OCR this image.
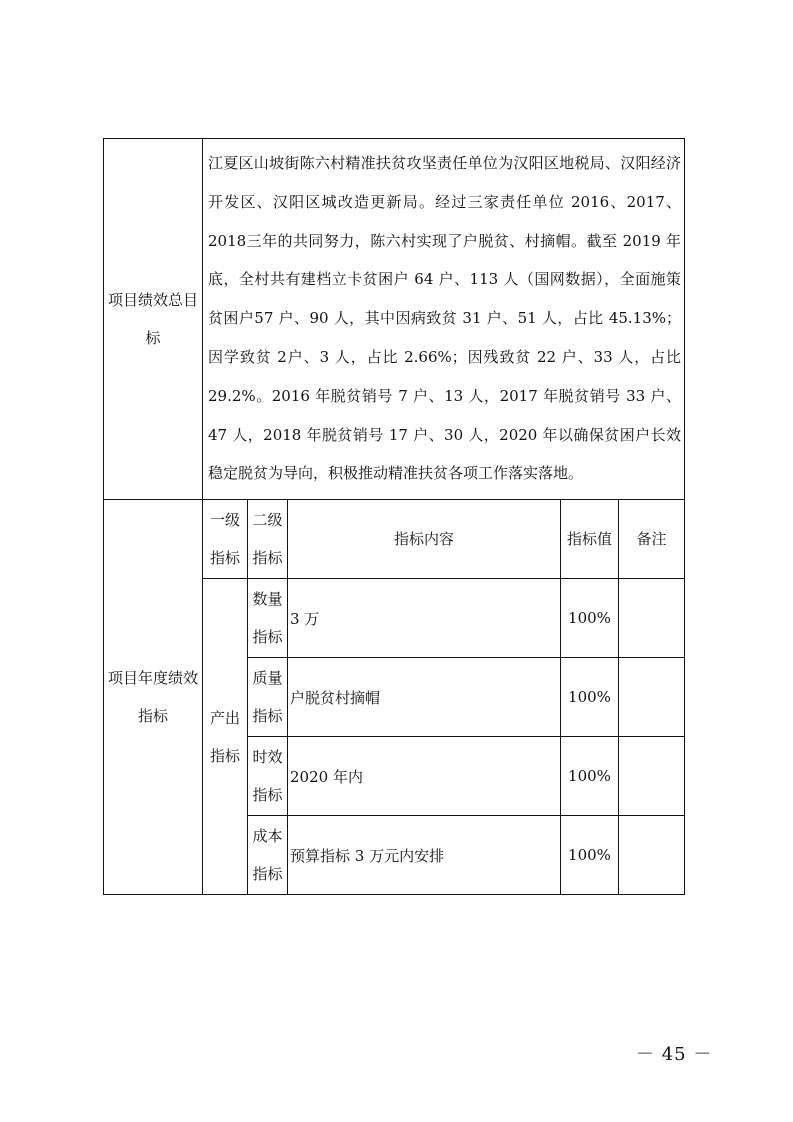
项目绩效总目标	江夏区山坡街陈六村精准扶贫攻坚责任单位为汉阳区地税局、汉阳经济开发区、汉阳区城改造更新局。经过三家责任单位 2016、2017、2018三年的共同努力，陈六村实现了户脱贫、村摘帽。截至 2019 年底，全村共有建档立卡贫困户 64 户、113 人（国网数据），全面施策贫困户57 户、90 人，其中因病致贫 31 户、51 人，占比 45.13%；因学致贫 2户、3 人，占比 2.66%；因残致贫 22 户、33 人，占比 29.2%。2016 年脱贫销号 7 户、13 人，2017 年脱贫销号 33 户、47 人，2018 年脱贫销号 17 户、30 人，2020 年以确保贫困户长效稳定脱贫为导向，积极推动精准扶贫各项工作落实落地。				
项目年度绩效指标	一级指标	二级指标	指标内容	指标值	备注
	产出指标	数量指标	3 万	100%	
		质量指标	户脱贫村摘帽	100%	
		时效指标	2020 年内	100%	
		成本指标	预算指标 3 万元内安排	100%	
－ 45 －
